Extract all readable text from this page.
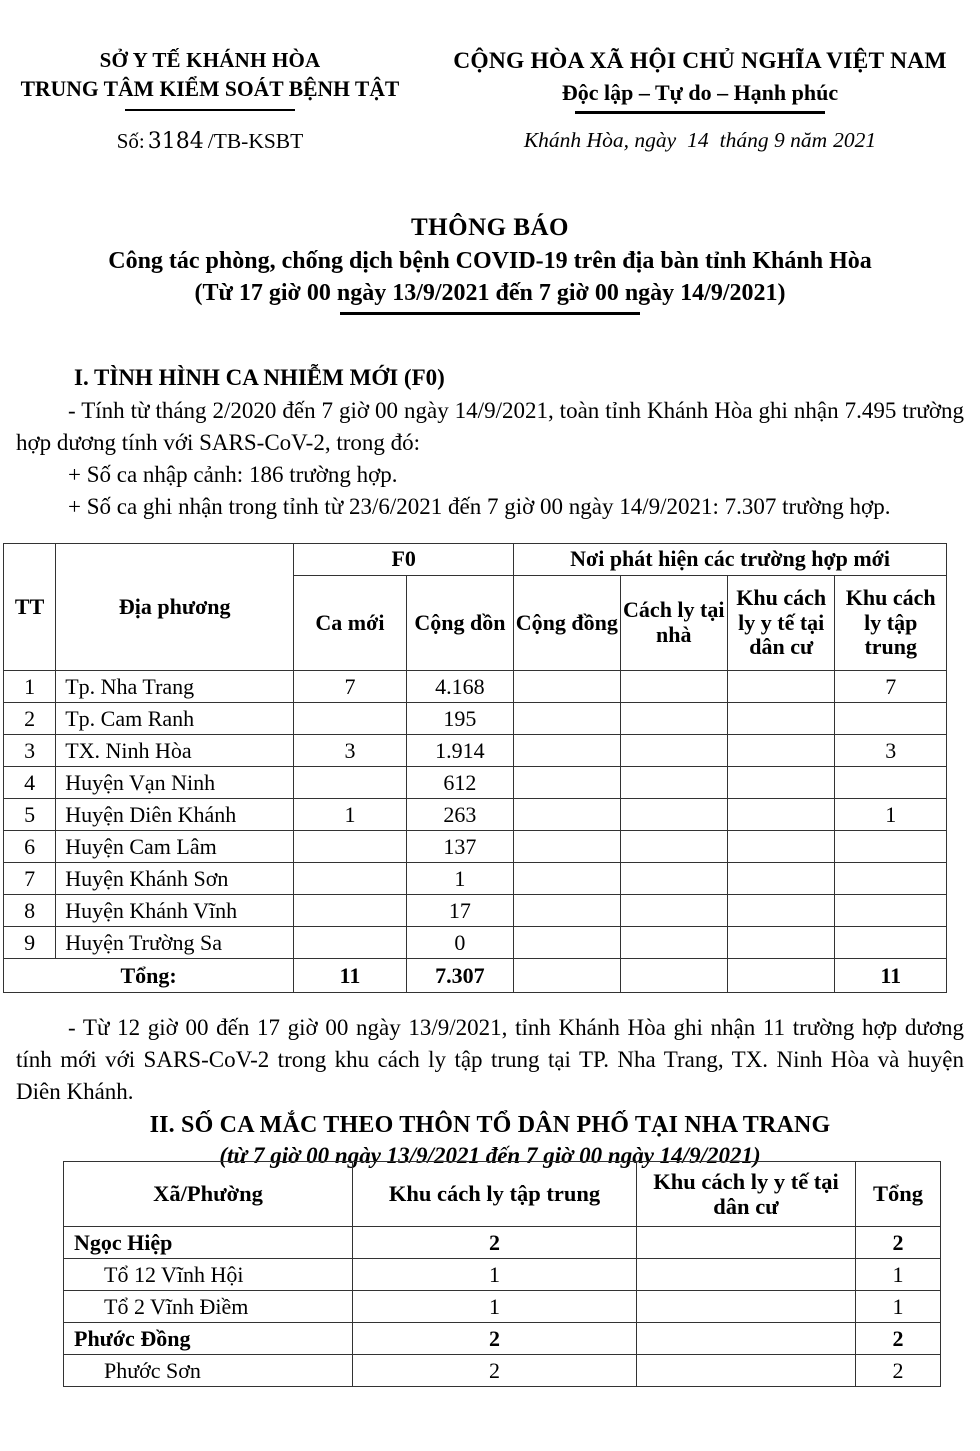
SỞ Y TẾ KHÁNH HÒA
TRUNG TÂM KIỂM SOÁT BỆNH TẬT
CỘNG HÒA XÃ HỘI CHỦ NGHĨA VIỆT NAM
Độc lập – Tự do – Hạnh phúc
Số: 3184 /TB-KSBT	Khánh Hòa, ngày 14 tháng 9 năm 2021
THÔNG BÁO
Công tác phòng, chống dịch bệnh COVID-19 trên địa bàn tỉnh Khánh Hòa
(Từ 17 giờ 00 ngày 13/9/2021 đến 7 giờ 00 ngày 14/9/2021)
I. TÌNH HÌNH CA NHIỄM MỚI (F0)
- Tính từ tháng 2/2020 đến 7 giờ 00 ngày 14/9/2021, toàn tỉnh Khánh Hòa ghi nhận 7.495 trường hợp dương tính với SARS-CoV-2, trong đó:
+ Số ca nhập cảnh: 186 trường hợp.
+ Số ca ghi nhận trong tỉnh từ 23/6/2021 đến 7 giờ 00 ngày 14/9/2021: 7.307 trường hợp.
TT	Địa phương	F0		Nơi phát hiện các trường hợp mới			
		Ca mới	Cộng dồn	Cộng đồng	Cách ly tại nhà	Khu cách ly y tế tại dân cư	Khu cách ly tập trung
1	Tp. Nha Trang	7	4.168				7
2	Tp. Cam Ranh		195				
3	TX. Ninh Hòa	3	1.914				3
4	Huyện Vạn Ninh		612				
5	Huyện Diên Khánh	1	263				1
6	Huyện Cam Lâm		137				
7	Huyện Khánh Sơn		1				
8	Huyện Khánh Vĩnh		17				
9	Huyện Trường Sa		0				
Tổng:		11	7.307				11
- Từ 12 giờ 00 đến 17 giờ 00 ngày 13/9/2021, tỉnh Khánh Hòa ghi nhận 11 trường hợp dương tính mới với SARS-CoV-2 trong khu cách ly tập trung tại TP. Nha Trang, TX. Ninh Hòa và huyện Diên Khánh.
II. SỐ CA MẮC THEO THÔN TỔ DÂN PHỐ TẠI NHA TRANG
(từ 7 giờ 00 ngày 13/9/2021 đến 7 giờ 00 ngày 14/9/2021)
Xã/Phường	Khu cách ly tập trung	Khu cách ly y tế tại dân cư	Tổng
Ngọc Hiệp	2		2
Tổ 12 Vĩnh Hội	1		1
Tổ 2 Vĩnh Điềm	1		1
Phước Đồng	2		2
Phước Sơn	2		2
